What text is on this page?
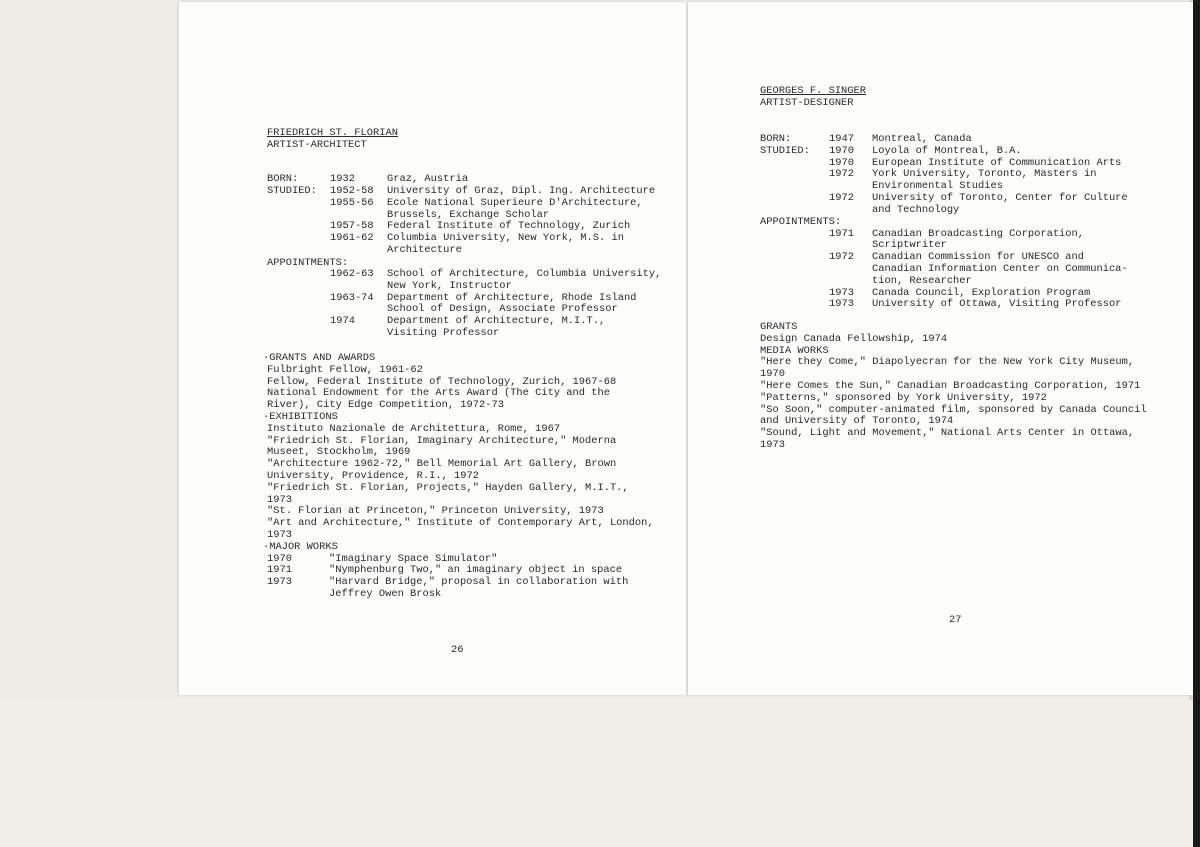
FRIEDRICH ST. FLORIAN
ARTIST-ARCHITECT
BORN:	1932	Graz, Austria
STUDIED: 1952-58 University of Graz, Dipl. Ing. Architecture
1955-56 Ecole National Superieure D'Architecture,
Brussels, Exchange Scholar
1957-58 Federal Institute of Technology, Zurich
1961-62 Columbia University, New York, M.S. in
Architecture
APPOINTMENTS:
1962-63 School of Architecture, Columbia University,
New York, Instructor
1963-74 Department of Architecture, Rhode Island
School of Design, Associate Professor
1974	Department of Architecture, M.I.T.,
Visiting Professor
·GRANTS AND AWARDS
Fulbright Fellow, 1961-62
Fellow, Federal Institute of Technology, Zurich, 1967-68
National Endowment for the Arts Award (The City and the
River), City Edge Competition, 1972-73
·EXHIBITIONS
Instituto Nazionale de Architettura, Rome, 1967
"Friedrich St. Florian, Imaginary Architecture," Moderna
Museet, Stockholm, 1969
"Architecture 1962-72," Bell Memorial Art Gallery, Brown
University, Providence, R.I., 1972
"Friedrich St. Florian, Projects," Hayden Gallery, M.I.T.,
1973
"St. Florian at Princeton," Princeton University, 1973
"Art and Architecture," Institute of Contemporary Art, London,
1973
·MAJOR WORKS
1970	"Imaginary Space Simulator"
1971	"Nymphenburg Two," an imaginary object in space
1973	"Harvard Bridge," proposal in collaboration with
Jeffrey Owen Brosk
26
GEORGES F. SINGER
ARTIST-DESIGNER
BORN:	1947 Montreal, Canada
STUDIED: 1970 Loyola of Montreal, B.A.
1970 European Institute of Communication Arts
1972 York University, Toronto, Masters in
Environmental Studies
1972 University of Toronto, Center for Culture
and Technology
APPOINTMENTS:
1971 Canadian Broadcasting Corporation,
Scriptwriter
1972 Canadian Commission for UNESCO and
Canadian Information Center on Communica-
tion, Researcher
1973 Canada Council, Exploration Program
1973 University of Ottawa, Visiting Professor
GRANTS
Design Canada Fellowship, 1974
MEDIA WORKS
"Here they Come," Diapolyecran for the New York City Museum,
1970
"Here Comes the Sun," Canadian Broadcasting Corporation, 1971
"Patterns," sponsored by York University, 1972
"So Soon," computer-animated film, sponsored by Canada Council
and University of Toronto, 1974
"Sound, Light and Movement," National Arts Center in Ottawa,
1973
27
